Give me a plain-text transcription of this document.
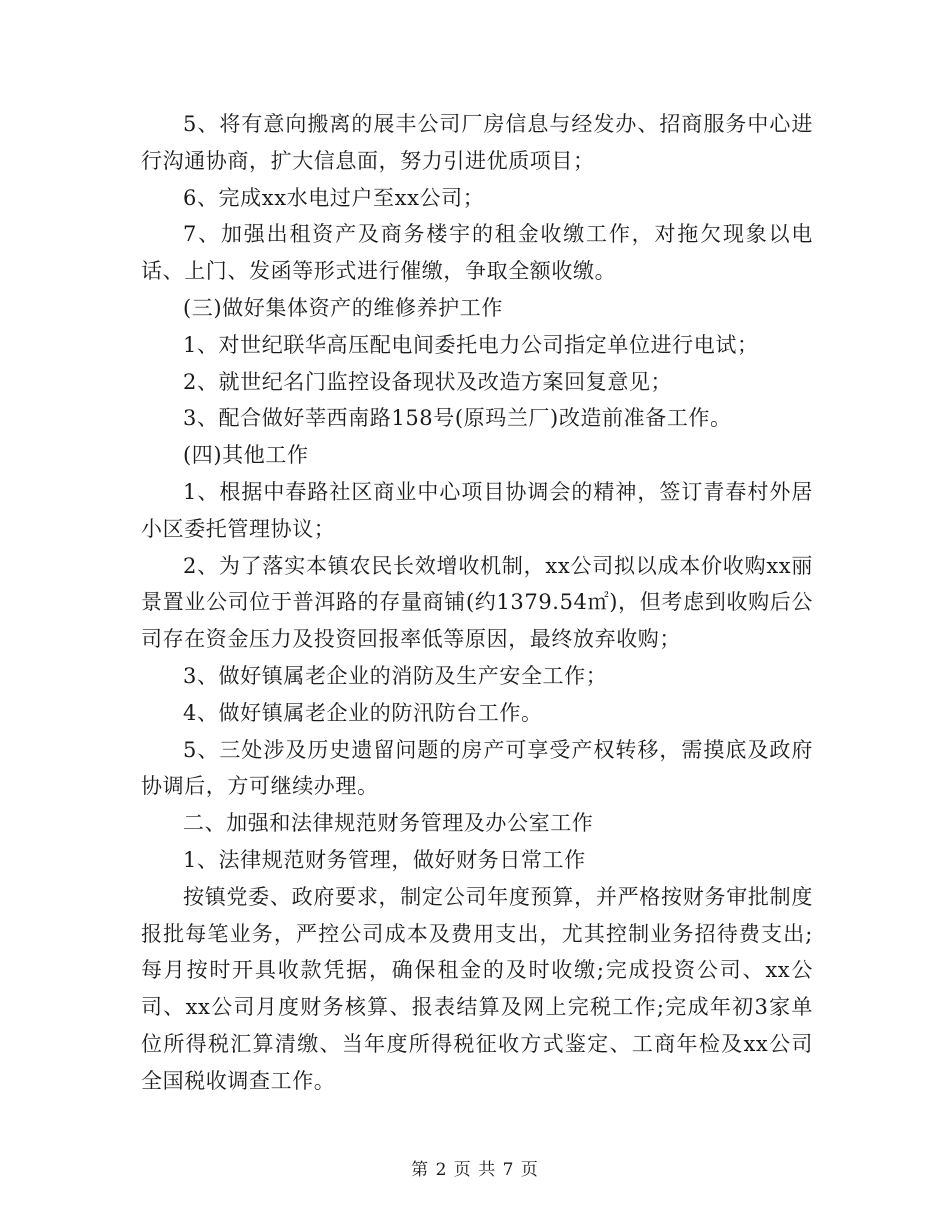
5、将有意向搬离的展丰公司厂房信息与经发办、招商服务中心进行沟通协商，扩大信息面，努力引进优质项目；

6、完成xx水电过户至xx公司；

7、加强出租资产及商务楼宇的租金收缴工作，对拖欠现象以电话、上门、发函等形式进行催缴，争取全额收缴。

(三)做好集体资产的维修养护工作

1、对世纪联华高压配电间委托电力公司指定单位进行电试；

2、就世纪名门监控设备现状及改造方案回复意见；

3、配合做好莘西南路158号(原玛兰厂)改造前准备工作。

(四)其他工作

1、根据中春路社区商业中心项目协调会的精神，签订青春村外居小区委托管理协议；

2、为了落实本镇农民长效增收机制，xx公司拟以成本价收购xx丽景置业公司位于普洱路的存量商铺(约1379.54㎡)，但考虑到收购后公司存在资金压力及投资回报率低等原因，最终放弃收购；

3、做好镇属老企业的消防及生产安全工作；

4、做好镇属老企业的防汛防台工作。

5、三处涉及历史遗留问题的房产可享受产权转移，需摸底及政府协调后，方可继续办理。

二、加强和法律规范财务管理及办公室工作

1、法律规范财务管理，做好财务日常工作

按镇党委、政府要求，制定公司年度预算，并严格按财务审批制度报批每笔业务，严控公司成本及费用支出，尤其控制业务招待费支出;每月按时开具收款凭据，确保租金的及时收缴;完成投资公司、xx公司、xx公司月度财务核算、报表结算及网上完税工作;完成年初3家单位所得税汇算清缴、当年度所得税征收方式鉴定、工商年检及xx公司全国税收调查工作。

第 2 页 共 7 页
